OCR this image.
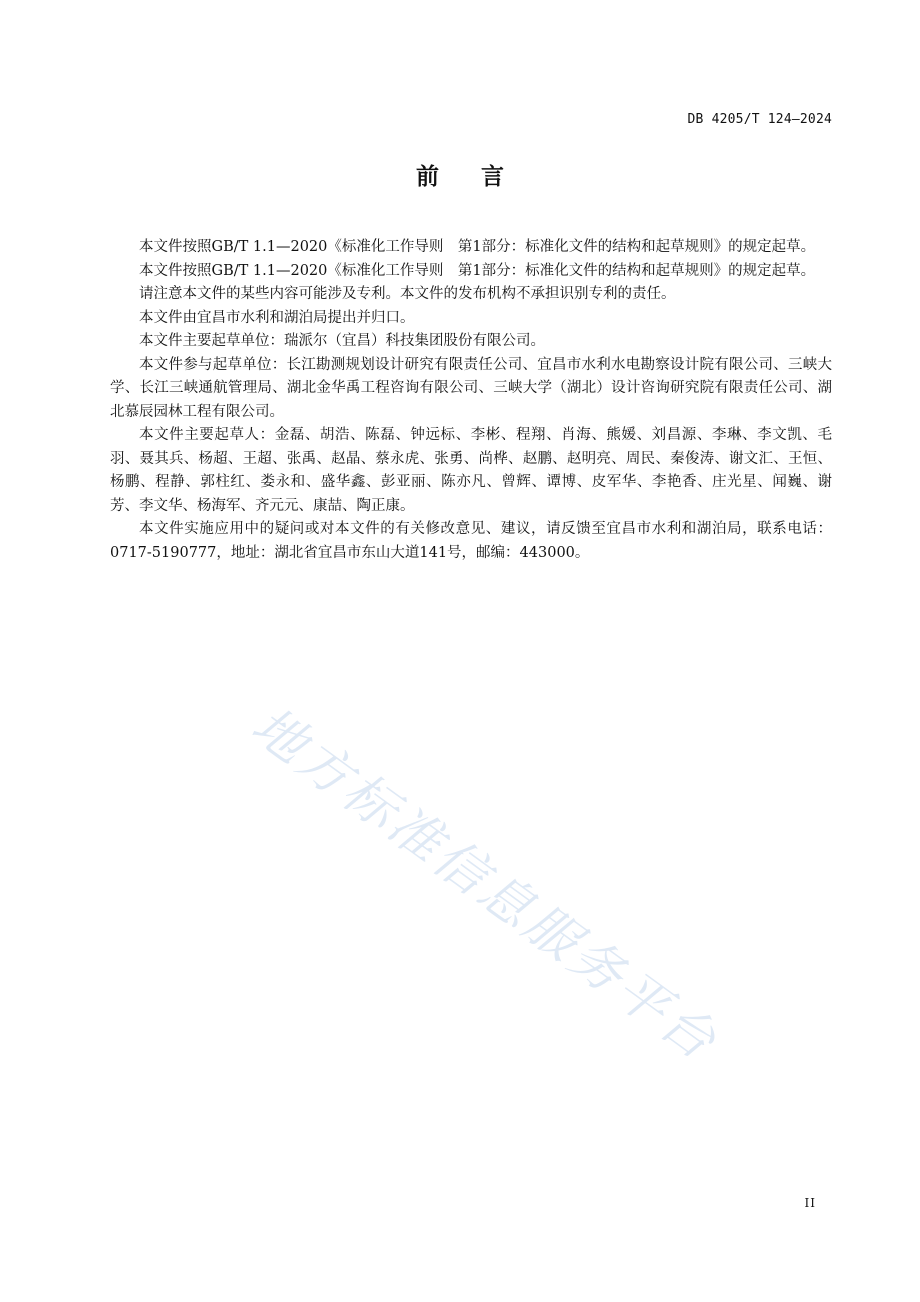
DB 4205/T 124—2024
前言

本文件按照GB/T 1.1—2020《标准化工作导则　第1部分：标准化文件的结构和起草规则》的规定起草。

本文件按照GB/T 1.1—2020《标准化工作导则　第1部分：标准化文件的结构和起草规则》的规定起草。

请注意本文件的某些内容可能涉及专利。本文件的发布机构不承担识别专利的责任。

本文件由宜昌市水利和湖泊局提出并归口。

本文件主要起草单位：瑞派尔（宜昌）科技集团股份有限公司。

本文件参与起草单位：长江勘测规划设计研究有限责任公司、宜昌市水利水电勘察设计院有限公司、三峡大学、长江三峡通航管理局、湖北金华禹工程咨询有限公司、三峡大学（湖北）设计咨询研究院有限责任公司、湖北慕辰园林工程有限公司。

本文件主要起草人：金磊、胡浩、陈磊、钟远标、李彬、程翔、肖海、熊媛、刘昌源、李琳、李文凯、毛羽、聂其兵、杨超、王超、张禹、赵晶、蔡永虎、张勇、尚桦、赵鹏、赵明亮、周民、秦俊涛、谢文汇、王恒、杨鹏、程静、郭柱红、娄永和、盛华鑫、彭亚丽、陈亦凡、曾辉、谭博、皮军华、李艳香、庄光星、闻巍、谢芳、李文华、杨海军、齐元元、康喆、陶正康。

本文件实施应用中的疑问或对本文件的有关修改意见、建议，请反馈至宜昌市水利和湖泊局，联系电话：0717-5190777，地址：湖北省宜昌市东山大道141号，邮编：443000。

地方标准信息服务平台
II
